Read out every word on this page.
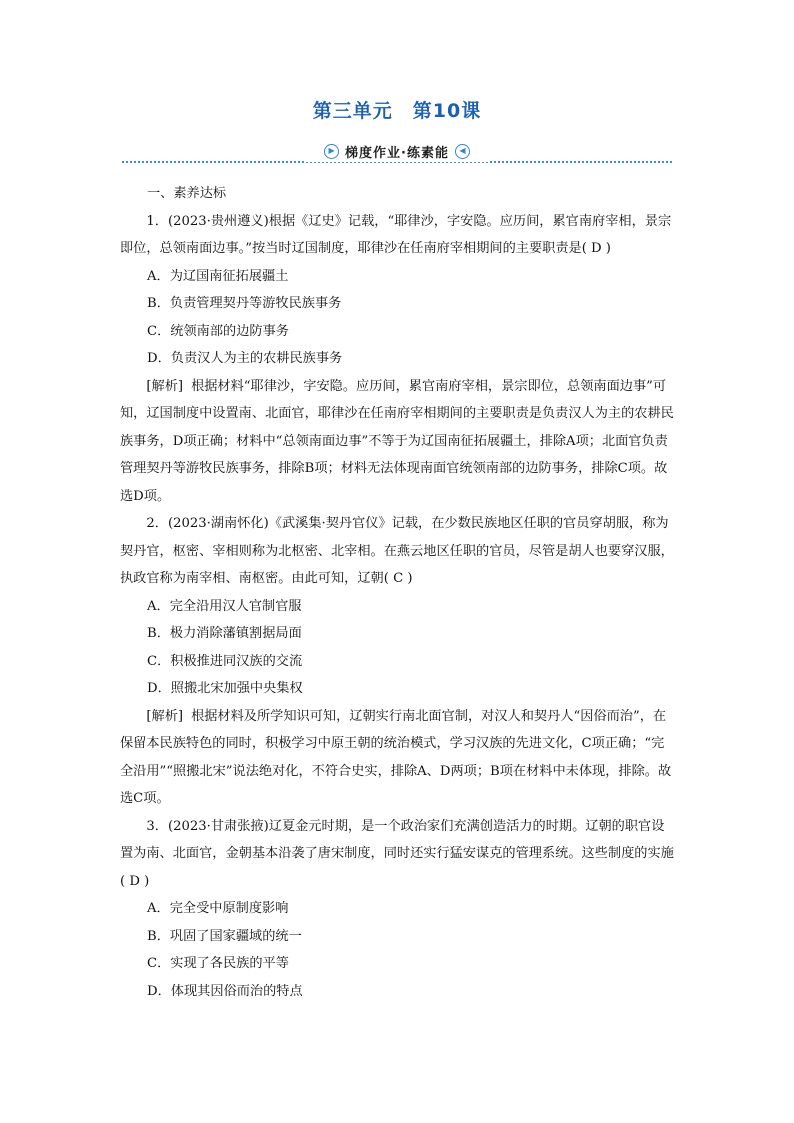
第三单元　第10课
▶ 梯度作业·练素能	◀

一、素养达标

1．(2023·贵州遵义)根据《辽史》记载，“耶律沙，字安隐。应历间，累官南府宰相，景宗即位，总领南面边事。”按当时辽国制度，耶律沙在任南府宰相期间的主要职责是( D )

A．为辽国南征拓展疆土

B．负责管理契丹等游牧民族事务

C．统领南部的边防事务

D．负责汉人为主的农耕民族事务

[解析] 根据材料“耶律沙，字安隐。应历间，累官南府宰相，景宗即位，总领南面边事”可知，辽国制度中设置南、北面官，耶律沙在任南府宰相期间的主要职责是负责汉人为主的农耕民族事务，D项正确；材料中“总领南面边事”不等于为辽国南征拓展疆土，排除A项；北面官负责管理契丹等游牧民族事务，排除B项；材料无法体现南面官统领南部的边防事务，排除C项。故选D项。

2．(2023·湖南怀化)《武溪集·契丹官仪》记载，在少数民族地区任职的官员穿胡服，称为契丹官，枢密、宰相则称为北枢密、北宰相。在燕云地区任职的官员，尽管是胡人也要穿汉服，执政官称为南宰相、南枢密。由此可知，辽朝( C )

A．完全沿用汉人官制官服

B．极力消除藩镇割据局面

C．积极推进同汉族的交流

D．照搬北宋加强中央集权

[解析] 根据材料及所学知识可知，辽朝实行南北面官制，对汉人和契丹人“因俗而治”，在保留本民族特色的同时，积极学习中原王朝的统治模式，学习汉族的先进文化，C项正确；“完全沿用”“照搬北宋”说法绝对化，不符合史实，排除A、D两项；B项在材料中未体现，排除。故选C项。

3．(2023·甘肃张掖)辽夏金元时期，是一个政治家们充满创造活力的时期。辽朝的职官设置为南、北面官，金朝基本沿袭了唐宋制度，同时还实行猛安谋克的管理系统。这些制度的实施( D )

A．完全受中原制度影响

B．巩固了国家疆域的统一

C．实现了各民族的平等

D．体现其因俗而治的特点
